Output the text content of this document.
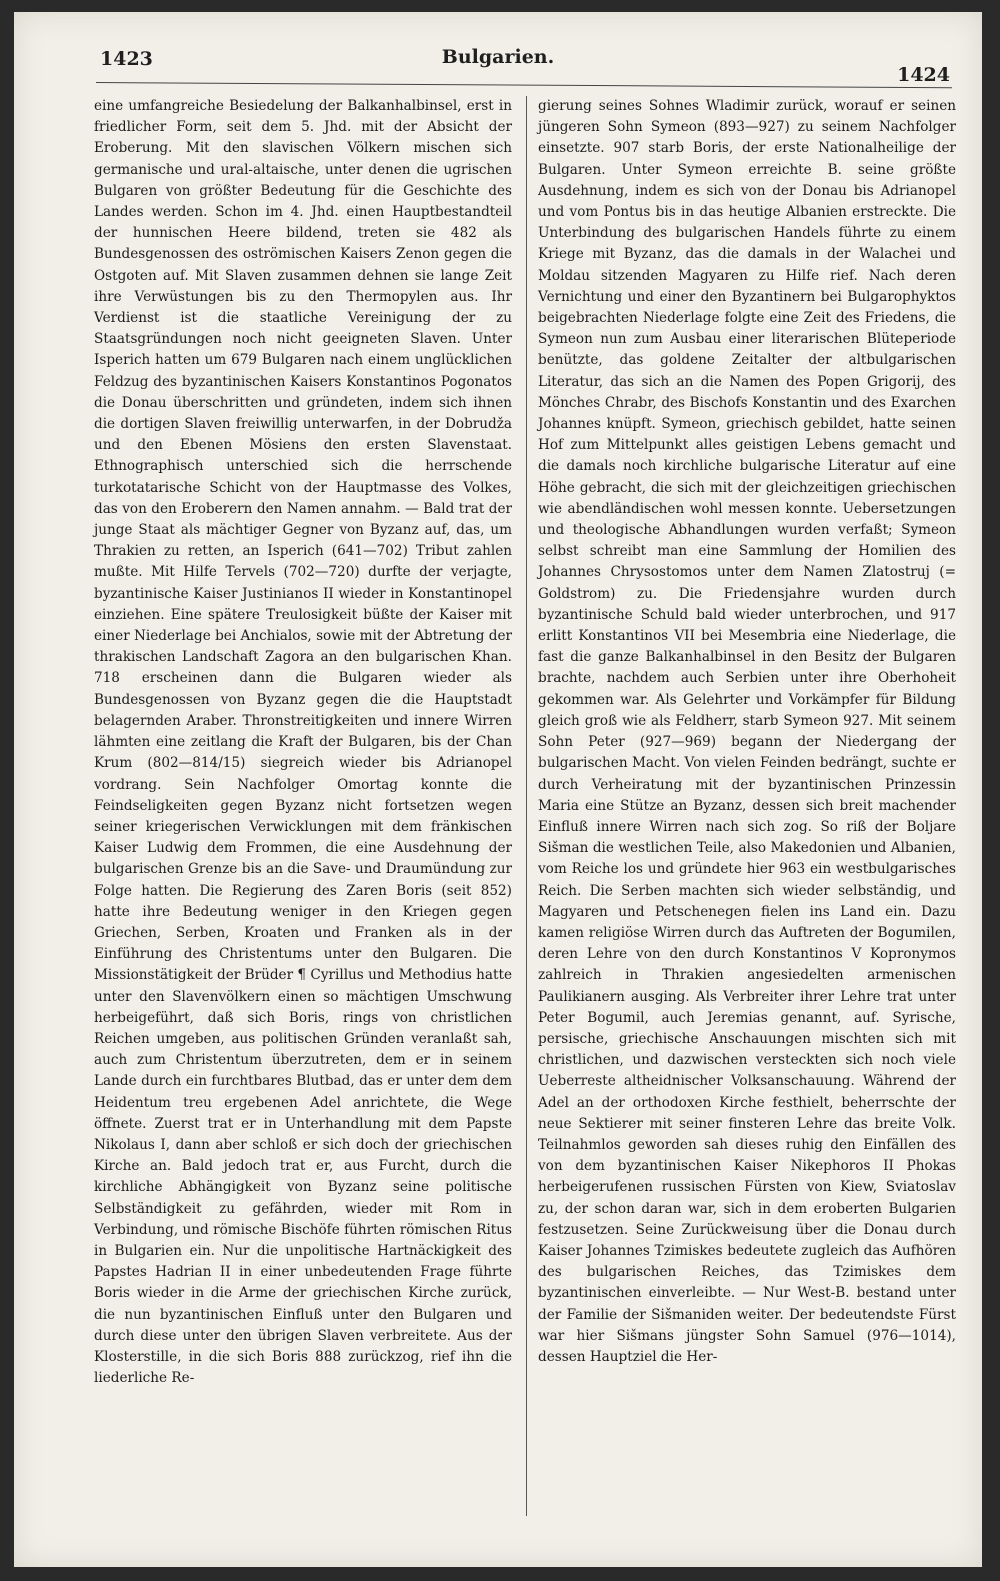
1423	Bulgarien.
1424

eine umfangreiche Besiedelung der Balkanhalbinsel, erst in friedlicher Form, seit dem 5. Jhd. mit der Absicht der Eroberung. Mit den slavischen Völkern mischen sich germanische und ural-altaische, unter denen die ugrischen Bulgaren von größter Bedeutung für die Geschichte des Landes werden. Schon im 4. Jhd. einen Hauptbestandteil der hunnischen Heere bildend, treten sie 482 als Bundesgenossen des oströmischen Kaisers Zenon gegen die Ostgoten auf. Mit Slaven zusammen dehnen sie lange Zeit ihre Verwüstungen bis zu den Thermopylen aus. Ihr Verdienst ist die staatliche Vereinigung der zu Staatsgründungen noch nicht geeigneten Slaven. Unter Isperich hatten um 679 Bulgaren nach einem unglücklichen Feldzug des byzantinischen Kaisers Konstantinos Pogonatos die Donau überschritten und gründeten, indem sich ihnen die dortigen Slaven freiwillig unterwarfen, in der Dobrudža und den Ebenen Mösiens den ersten Slavenstaat. Ethnographisch unterschied sich die herrschende turkotatarische Schicht von der Hauptmasse des Volkes, das von den Eroberern den Namen annahm. — Bald trat der junge Staat als mächtiger Gegner von Byzanz auf, das, um Thrakien zu retten, an Isperich (641—702) Tribut zahlen mußte. Mit Hilfe Tervels (702—720) durfte der verjagte, byzantinische Kaiser Justinianos II wieder in Konstantinopel einziehen. Eine spätere Treulosigkeit büßte der Kaiser mit einer Niederlage bei Anchialos, sowie mit der Abtretung der thrakischen Landschaft Zagora an den bulgarischen Khan. 718 erscheinen dann die Bulgaren wieder als Bundesgenossen von Byzanz gegen die die Hauptstadt belagernden Araber. Thronstreitigkeiten und innere Wirren lähmten eine zeitlang die Kraft der Bulgaren, bis der Chan Krum (802—814/15) siegreich wieder bis Adrianopel vordrang. Sein Nachfolger Omortag konnte die Feindseligkeiten gegen Byzanz nicht fortsetzen wegen seiner kriegerischen Verwicklungen mit dem fränkischen Kaiser Ludwig dem Frommen, die eine Ausdehnung der bulgarischen Grenze bis an die Save- und Draumündung zur Folge hatten. Die Regierung des Zaren Boris (seit 852) hatte ihre Bedeutung weniger in den Kriegen gegen Griechen, Serben, Kroaten und Franken als in der Einführung des Christentums unter den Bulgaren. Die Missionstätigkeit der Brüder ¶ Cyrillus und Methodius hatte unter den Slavenvölkern einen so mächtigen Umschwung herbeigeführt, daß sich Boris, rings von christlichen Reichen umgeben, aus politischen Gründen veranlaßt sah, auch zum Christentum überzutreten, dem er in seinem Lande durch ein furchtbares Blutbad, das er unter dem dem Heidentum treu ergebenen Adel anrichtete, die Wege öffnete. Zuerst trat er in Unterhandlung mit dem Papste Nikolaus I, dann aber schloß er sich doch der griechischen Kirche an. Bald jedoch trat er, aus Furcht, durch die kirchliche Abhängigkeit von Byzanz seine politische Selbständigkeit zu gefährden, wieder mit Rom in Verbindung, und römische Bischöfe führten römischen Ritus in Bulgarien ein. Nur die unpolitische Hartnäckigkeit des Papstes Hadrian II in einer unbedeutenden Frage führte Boris wieder in die Arme der griechischen Kirche zurück, die nun byzantinischen Einfluß unter den Bulgaren und durch diese unter den übrigen Slaven verbreitete. Aus der Klosterstille, in die sich Boris 888 zurückzog, rief ihn die liederliche Re-

gierung seines Sohnes Wladimir zurück, worauf er seinen jüngeren Sohn Symeon (893—927) zu seinem Nachfolger einsetzte. 907 starb Boris, der erste Nationalheilige der Bulgaren. Unter Symeon erreichte B. seine größte Ausdehnung, indem es sich von der Donau bis Adrianopel und vom Pontus bis in das heutige Albanien erstreckte. Die Unterbindung des bulgarischen Handels führte zu einem Kriege mit Byzanz, das die damals in der Walachei und Moldau sitzenden Magyaren zu Hilfe rief. Nach deren Vernichtung und einer den Byzantinern bei Bulgarophyktos beigebrachten Niederlage folgte eine Zeit des Friedens, die Symeon nun zum Ausbau einer literarischen Blüteperiode benützte, das goldene Zeitalter der altbulgarischen Literatur, das sich an die Namen des Popen Grigorij, des Mönches Chrabr, des Bischofs Konstantin und des Exarchen Johannes knüpft. Symeon, griechisch gebildet, hatte seinen Hof zum Mittelpunkt alles geistigen Lebens gemacht und die damals noch kirchliche bulgarische Literatur auf eine Höhe gebracht, die sich mit der gleichzeitigen griechischen wie abendländischen wohl messen konnte. Uebersetzungen und theologische Abhandlungen wurden verfaßt; Symeon selbst schreibt man eine Sammlung der Homilien des Johannes Chrysostomos unter dem Namen Zlatostruj (= Goldstrom) zu. Die Friedensjahre wurden durch byzantinische Schuld bald wieder unterbrochen, und 917 erlitt Konstantinos VII bei Mesembria eine Niederlage, die fast die ganze Balkanhalbinsel in den Besitz der Bulgaren brachte, nachdem auch Serbien unter ihre Oberhoheit gekommen war. Als Gelehrter und Vorkämpfer für Bildung gleich groß wie als Feldherr, starb Symeon 927. Mit seinem Sohn Peter (927—969) begann der Niedergang der bulgarischen Macht. Von vielen Feinden bedrängt, suchte er durch Verheiratung mit der byzantinischen Prinzessin Maria eine Stütze an Byzanz, dessen sich breit machender Einfluß innere Wirren nach sich zog. So riß der Boljare Sišman die westlichen Teile, also Makedonien und Albanien, vom Reiche los und gründete hier 963 ein westbulgarisches Reich. Die Serben machten sich wieder selbständig, und Magyaren und Petschenegen fielen ins Land ein. Dazu kamen religiöse Wirren durch das Auftreten der Bogumilen, deren Lehre von den durch Konstantinos V Kopronymos zahlreich in Thrakien angesiedelten armenischen Paulikianern ausging. Als Verbreiter ihrer Lehre trat unter Peter Bogumil, auch Jeremias genannt, auf. Syrische, persische, griechische Anschauungen mischten sich mit christlichen, und dazwischen versteckten sich noch viele Ueberreste altheidnischer Volksanschauung. Während der Adel an der orthodoxen Kirche festhielt, beherrschte der neue Sektierer mit seiner finsteren Lehre das breite Volk. Teilnahmlos geworden sah dieses ruhig den Einfällen des von dem byzantinischen Kaiser Nikephoros II Phokas herbeigerufenen russischen Fürsten von Kiew, Sviatoslav zu, der schon daran war, sich in dem eroberten Bulgarien festzusetzen. Seine Zurückweisung über die Donau durch Kaiser Johannes Tzimiskes bedeutete zugleich das Aufhören des bulgarischen Reiches, das Tzimiskes dem byzantinischen einverleibte. — Nur West-B. bestand unter der Familie der Sišmaniden weiter. Der bedeutendste Fürst war hier Sišmans jüngster Sohn Samuel (976—1014), dessen Hauptziel die Her-
